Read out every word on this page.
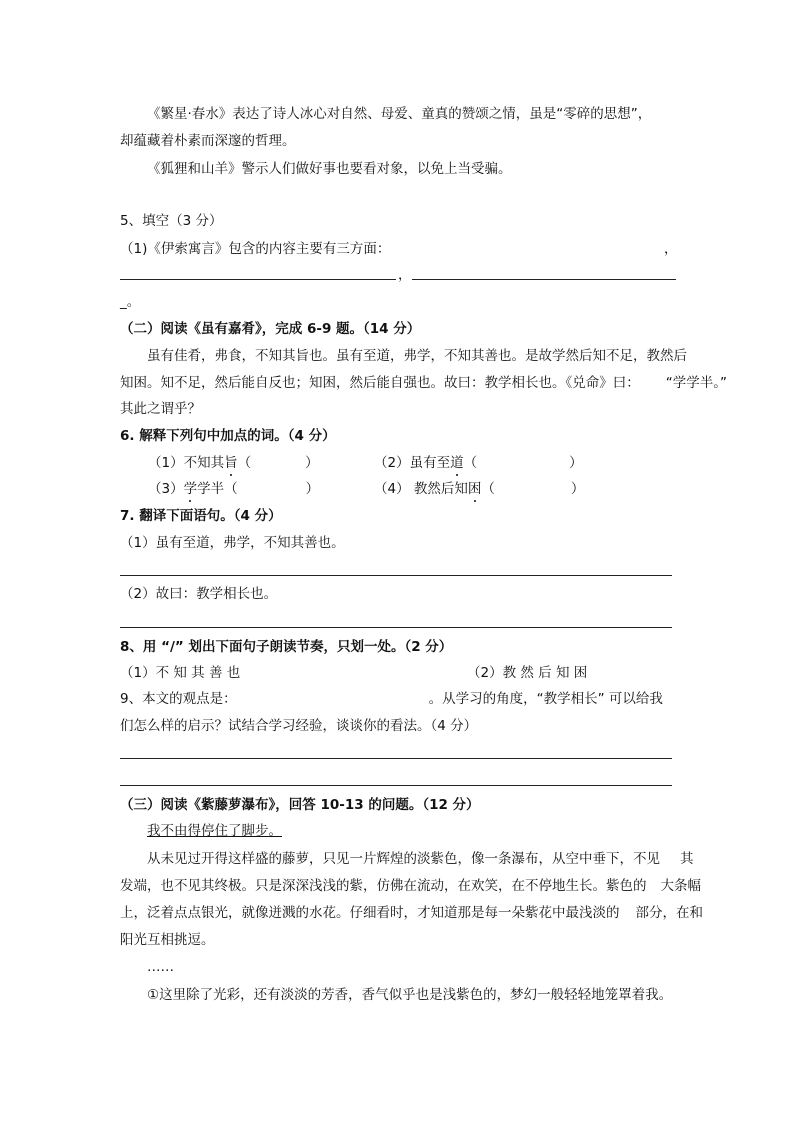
《繁星·春水》表达了诗人冰心对自然、母爱、童真的赞颂之情，虽是“零碎的思想”，
却蕴藏着朴素而深邃的哲理。
《狐狸和山羊》警示人们做好事也要看对象，以免上当受骗。
5、填空（3 分）
（1)《伊索寓言》包含的内容主要有三方面：	，
，
_。
（二）阅读《虽有嘉肴》，完成 6-9 题。（14 分）
虽有佳肴，弗食，不知其旨也。虽有至道，弗学，不知其善也。是故学然后知不足，教然后
知困。知不足，然后能自反也；知困，然后能自强也。故曰：教学相长也。《兑命》曰： “学学半。”
其此之谓乎？
6. 解释下列句中加点的词。（4 分）
（1）不知其旨（	）	（2）虽有至道（	）
（3）学学半（	）	（4） 教然后知困（	）
7. 翻译下面语句。（4 分）
（1）虽有至道，弗学，不知其善也。
（2）故曰：教学相长也。
8、用 “/” 划出下面句子朗读节奏，只划一处。（2 分）
（1）不 知 其 善 也	（2）教 然 后 知 困
9、本文的观点是：	。从学习的角度，“教学相长” 可以给我
们怎么样的启示？试结合学习经验，谈谈你的看法。（4 分）
（三）阅读《紫藤萝瀑布》，回答 10-13 的问题。（12 分）
我不由得停住了脚步。
从未见过开得这样盛的藤萝，只见一片辉煌的淡紫色，像一条瀑布，从空中垂下，不见 其
发端，也不见其终极。只是深深浅浅的紫，仿佛在流动，在欢笑，在不停地生长。紫色的 大条幅
上，泛着点点银光，就像迸溅的水花。仔细看时，才知道那是每一朵紫花中最浅淡的 部分，在和
阳光互相挑逗。
……
①这里除了光彩，还有淡淡的芳香，香气似乎也是浅紫色的，梦幻一般轻轻地笼罩着我。
